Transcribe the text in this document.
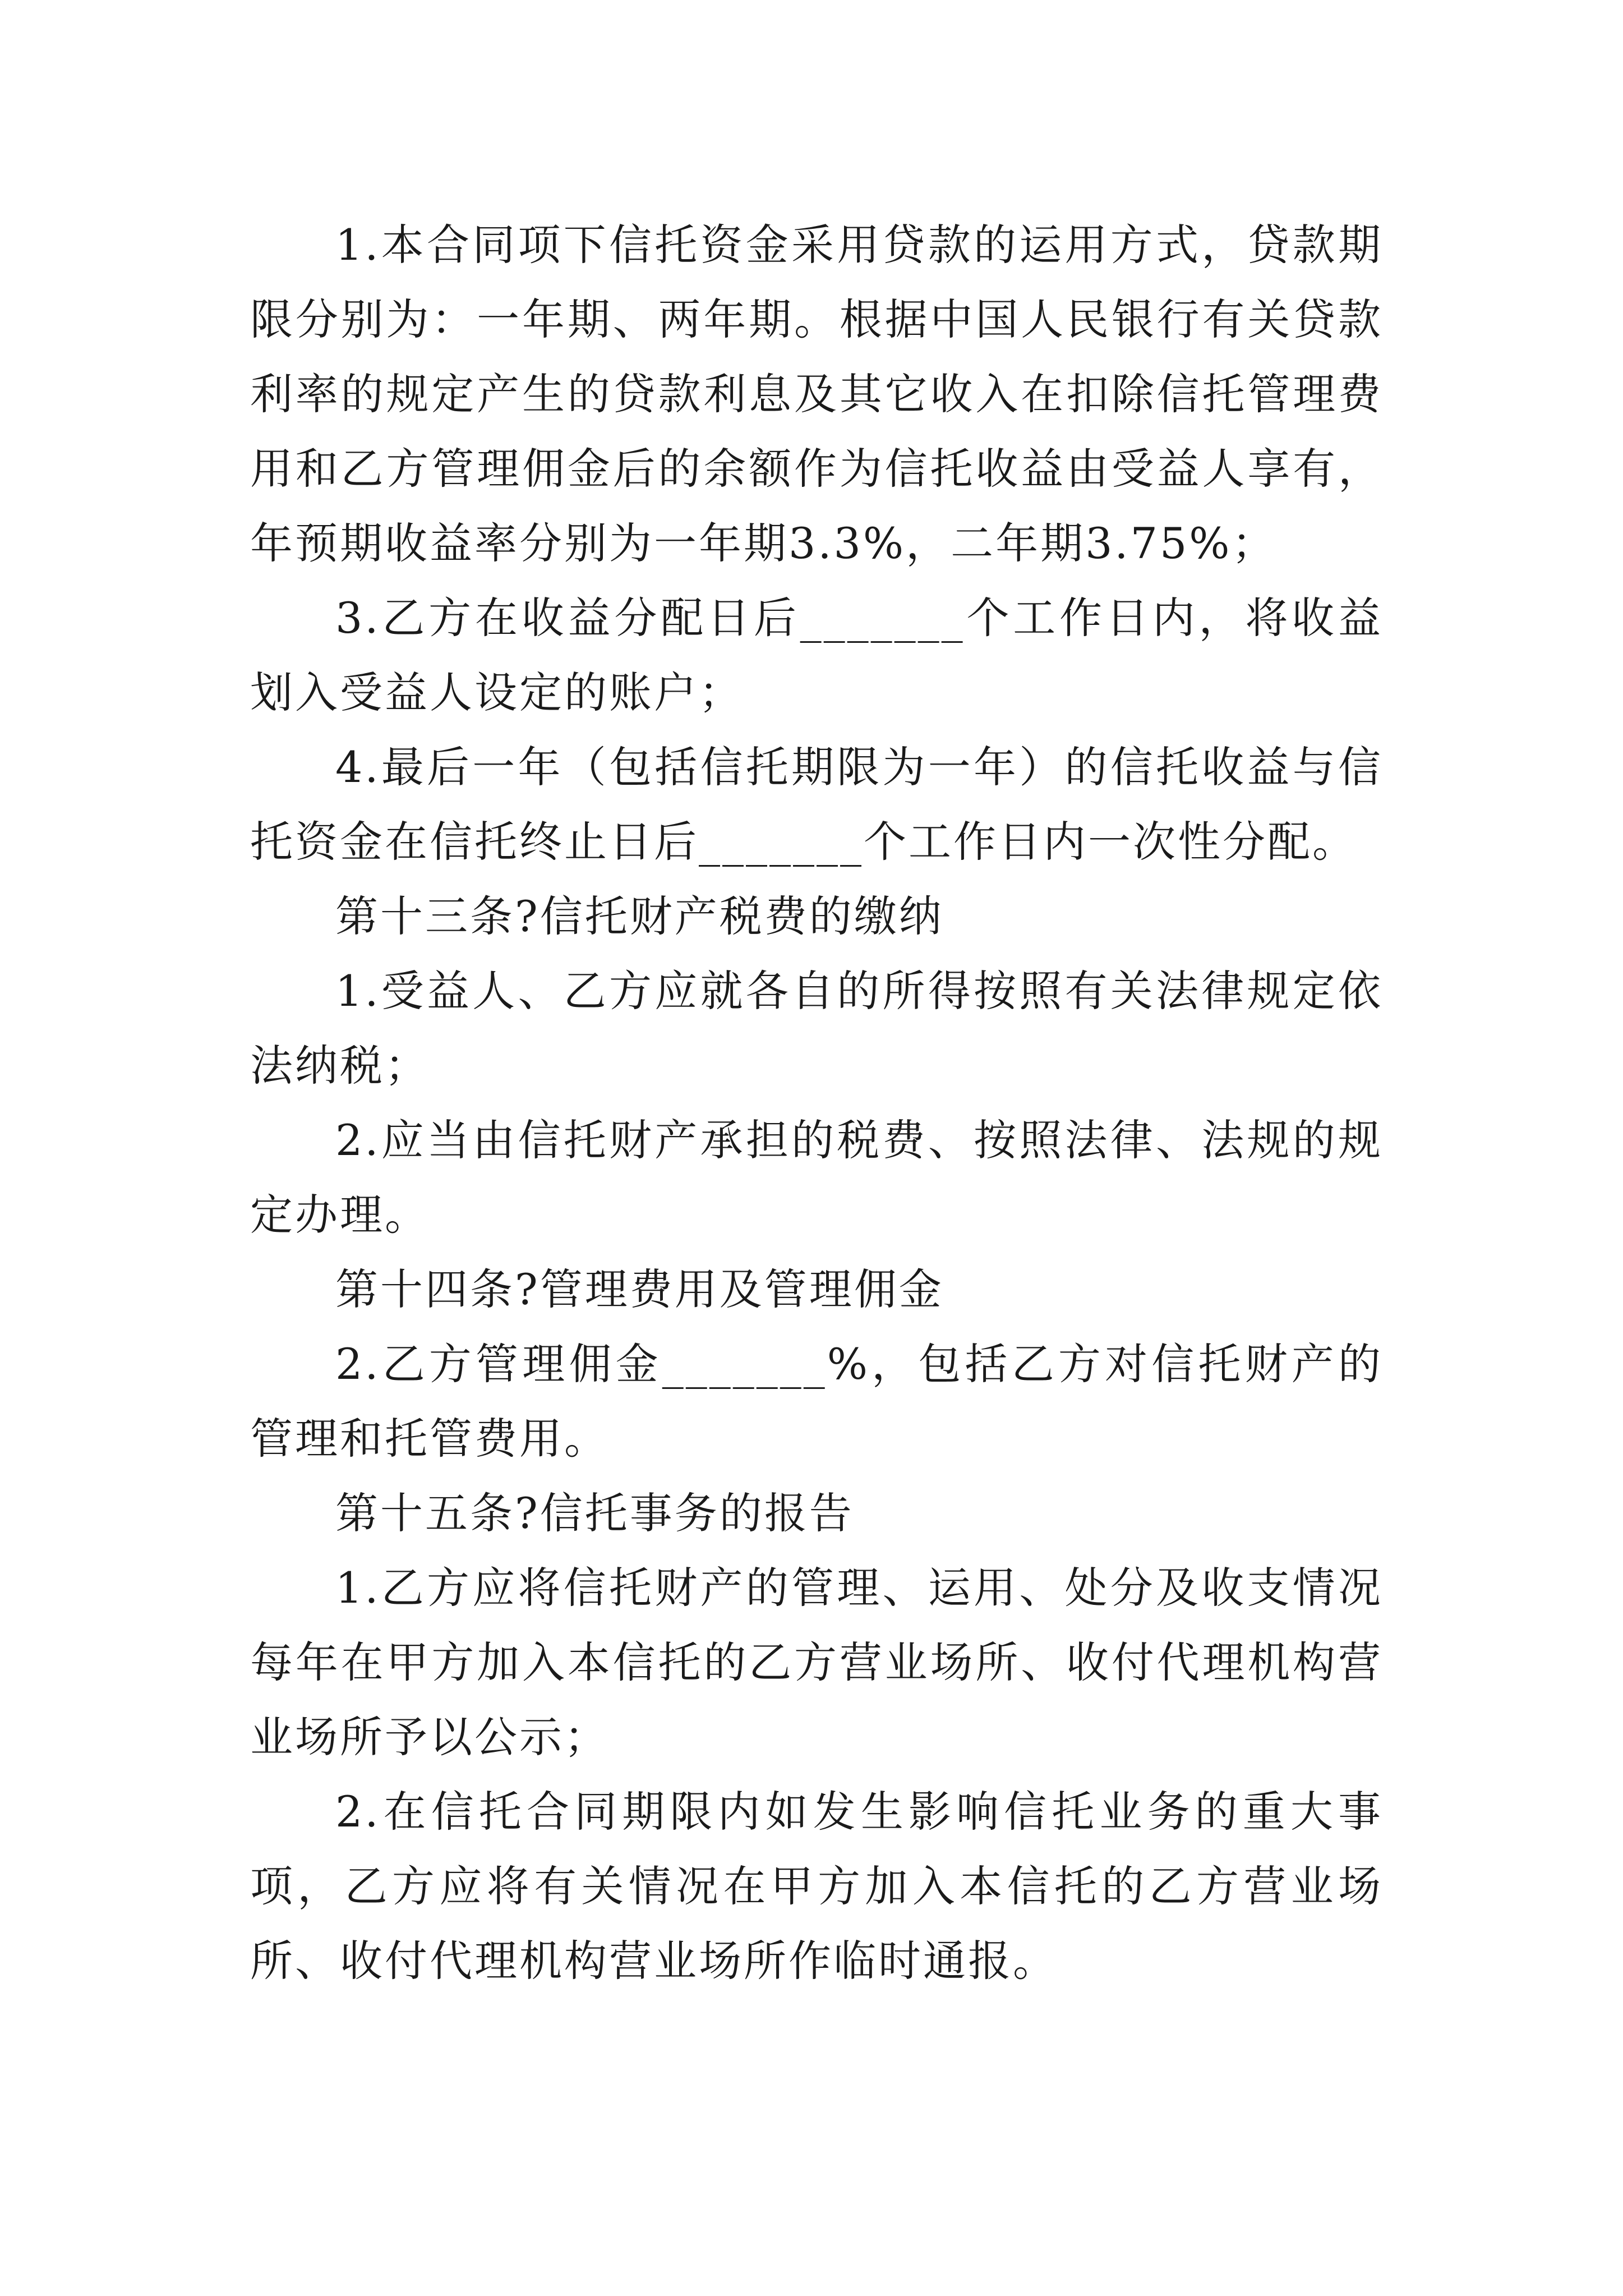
1.本合同项下信托资金采用贷款的运用方式，贷款期限分别为：一年期、两年期。根据中国人民银行有关贷款利率的规定产生的贷款利息及其它收入在扣除信托管理费用和乙方管理佣金后的余额作为信托收益由受益人享有，年预期收益率分别为一年期3.3%，二年期3.75%；

3.乙方在收益分配日后_______个工作日内，将收益划入受益人设定的账户；

4.最后一年（包括信托期限为一年）的信托收益与信托资金在信托终止日后_______个工作日内一次性分配。

第十三条?信托财产税费的缴纳

1.受益人、乙方应就各自的所得按照有关法律规定依法纳税；

2.应当由信托财产承担的税费、按照法律、法规的规定办理。

第十四条?管理费用及管理佣金

2.乙方管理佣金_______%，包括乙方对信托财产的管理和托管费用。

第十五条?信托事务的报告

1.乙方应将信托财产的管理、运用、处分及收支情况每年在甲方加入本信托的乙方营业场所、收付代理机构营业场所予以公示；

2.在信托合同期限内如发生影响信托业务的重大事项，乙方应将有关情况在甲方加入本信托的乙方营业场所、收付代理机构营业场所作临时通报。
